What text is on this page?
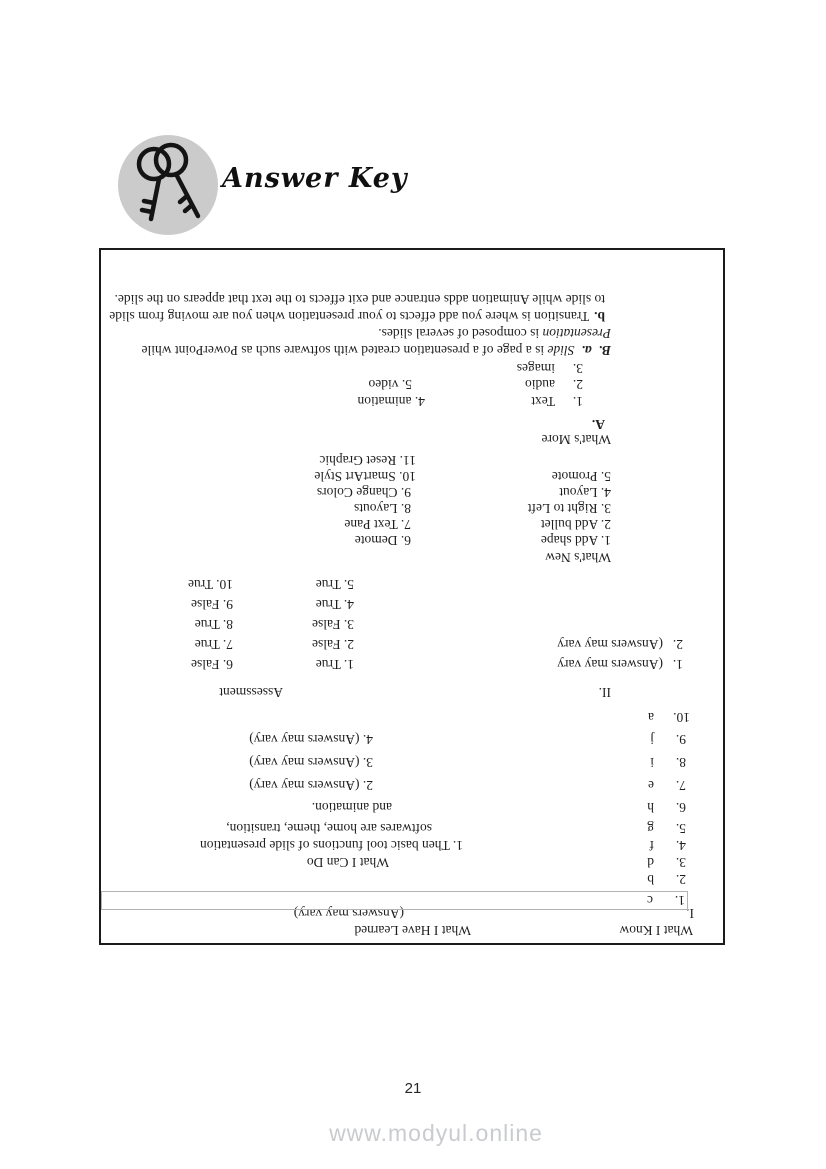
Answer Key
What I Know
What I Have Learned
I.
(Answers may vary)
1.
c
2.
b
3.
d
What I Can Do
4.
f
1. Then basic tool functions of slide presentation
5.
g
softwares are home, theme, transition,
6.
h
and animation.
7.
e
2. (Answers may vary)
8.
i
3. (Answers may vary)
9.
j
4. (Answers may vary)
10.
a
II.
Assessment
1.
(Answers may vary
1. True
6. False
2.
(Answers may vary
2. False
7. True
3. False
8. True
4. True
9. False
5. True
10. True
What's New
1. Add shape
6. Demote
2. Add bullet
7. Text Pane
3. Right to Left
8. Layouts
4. Layout
9. Change Colors
5. Promote
10. SmartArt Style
11. Reset Graphic
What's More
A.
1.
Text
4. animation
2.
audio
5. video
3.
images
B.a.Slide is a page of a presentation created with software such as PowerPoint while Presentation is composed of several slides.
b.Transition is where you add effects to your presentation when you are moving from slide to slide while Animation adds entrance and exit effects to the text that appears on the slide.
21
www.modyul.online
